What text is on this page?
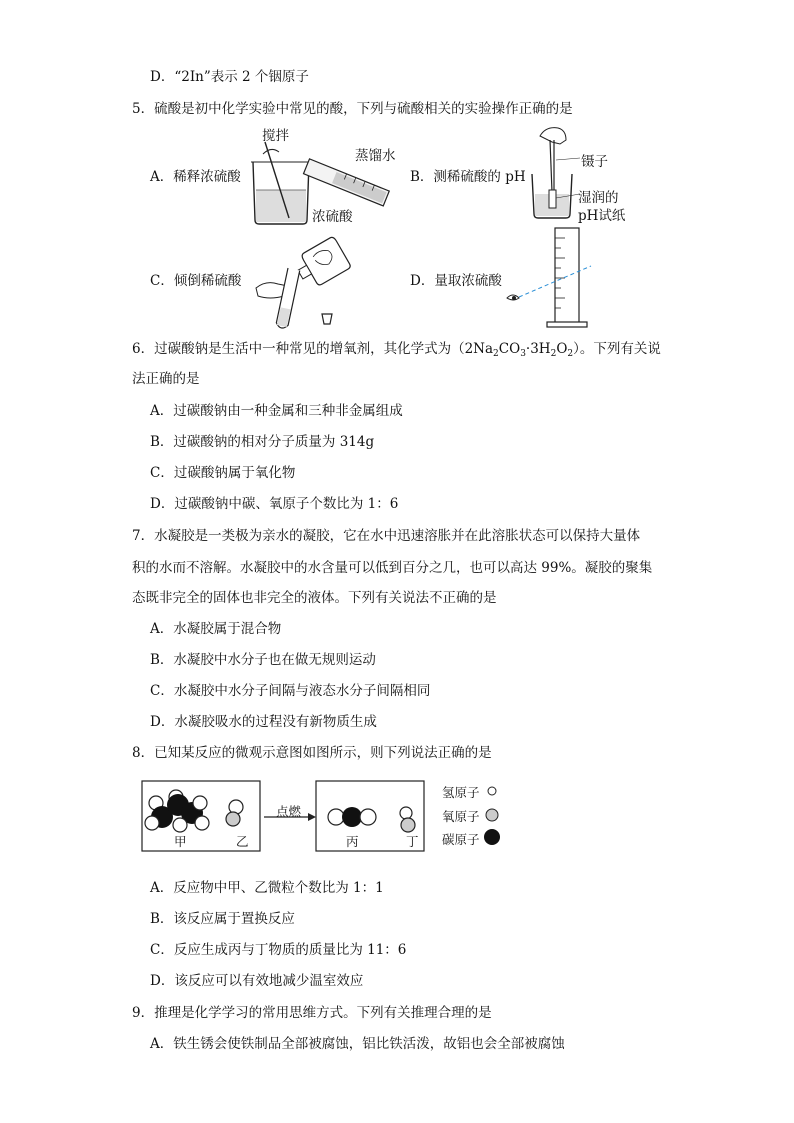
D．“2In”表示 2 个铟原子
5．硫酸是初中化学实验中常见的酸，下列与硫酸相关的实验操作正确的是
A．稀释浓硫酸
搅拌
蒸馏水
浓硫酸
B．测稀硫酸的 pH
镊子
湿润的
pH试纸
C．倾倒稀硫酸	D．量取浓硫酸
6．过碳酸钠是生活中一种常见的增氧剂，其化学式为$(2Na_2CO_3\cdot 3H_2O_2)$。下列有关说
法正确的是
A．过碳酸钠由一种金属和三种非金属组成
B．过碳酸钠的相对分子质量为 314g
C．过碳酸钠属于氧化物
D．过碳酸钠中碳、氧原子个数比为 1：6
7．水凝胶是一类极为亲水的凝胶，它在水中迅速溶胀并在此溶胀状态可以保持大量体
积的水而不溶解。水凝胶中的水含量可以低到百分之几，也可以高达 99%。凝胶的聚集
态既非完全的固体也非完全的液体。下列有关说法不正确的是
A．水凝胶属于混合物
B．水凝胶中水分子也在做无规则运动
C．水凝胶中水分子间隔与液态水分子间隔相同
D．水凝胶吸水的过程没有新物质生成
8．已知某反应的微观示意图如图所示，则下列说法正确的是
甲	乙
点燃
丙	丁
氢原子
氧原子
碳原子
A．反应物中甲、乙微粒个数比为 1：1
B．该反应属于置换反应
C．反应生成丙与丁物质的质量比为 11：6
D．该反应可以有效地减少温室效应
9．推理是化学学习的常用思维方式。下列有关推理合理的是
A．铁生锈会使铁制品全部被腐蚀，铝比铁活泼，故铝也会全部被腐蚀
